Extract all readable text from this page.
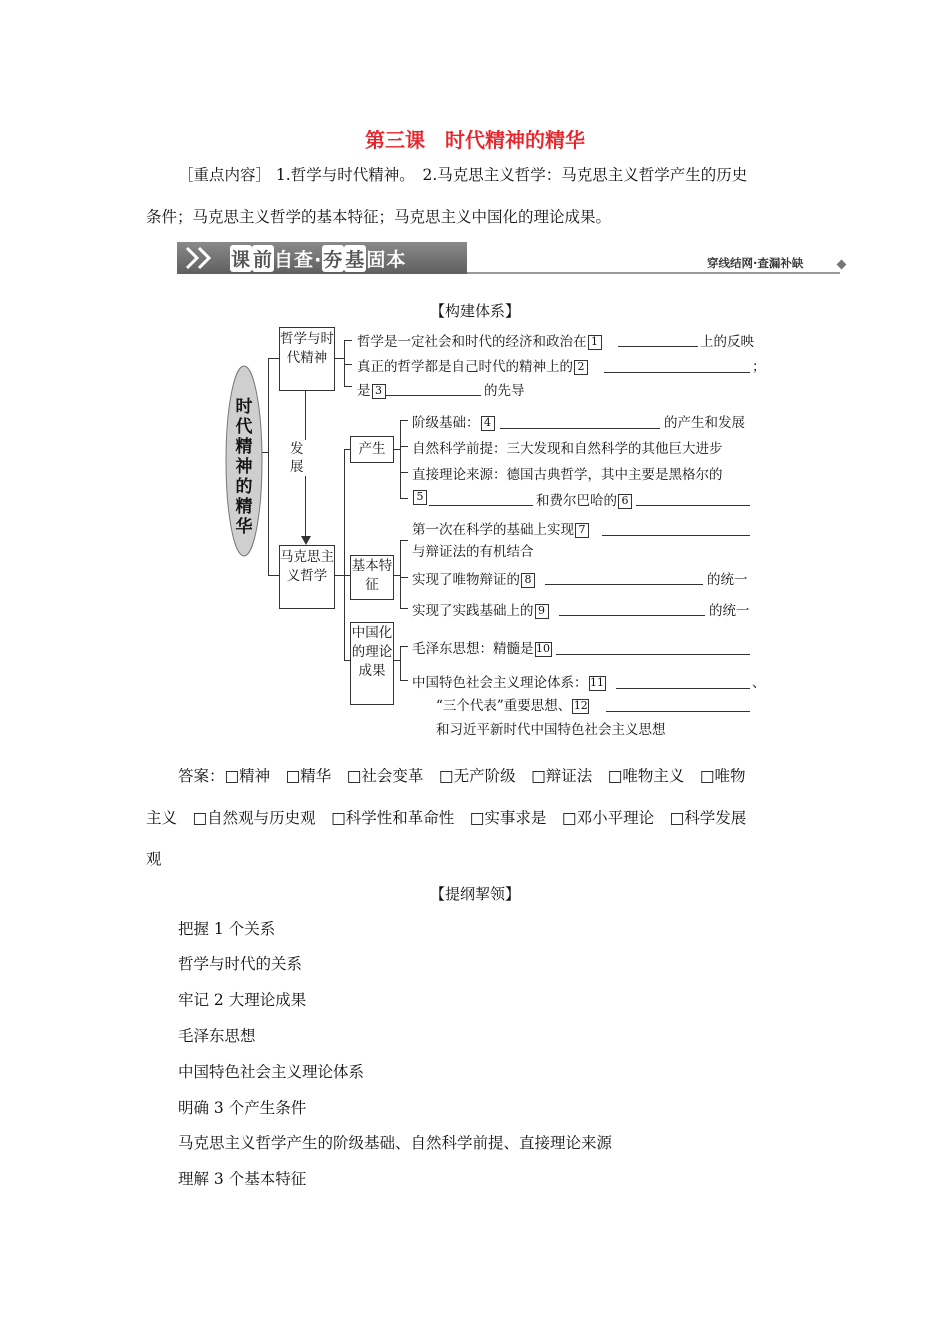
第三课　时代精神的精华
［重点内容］ 1.哲学与时代精神。　2.马克思主义哲学：马克思主义哲学产生的历史
条件；马克思主义哲学的基本特征；马克思主义中国化的理论成果。
课 前自查·夯 基固本	穿线结网·查漏补缺
【构建体系】
时代精神的精华
哲学与时代精神
马克思主义哲学
发展
哲学是一定社会和时代的经济和政治在 1	上的反映
真正的哲学都是自己时代的精神上的 2	；
是 3	的先导
产生
基本特征
中国化的理论成果
阶级基础： 4	的产生和发展
自然科学前提：三大发现和自然科学的其他巨大进步
直接理论来源：德国古典哲学，其中主要是黑格尔的
5	和费尔巴哈的 6
第一次在科学的基础上实现 7
与辩证法的有机结合
实现了唯物辩证的 8	的统一
实现了实践基础上的 9	的统一
毛泽东思想：精髓是 10
中国特色社会主义理论体系： 11	、
“三个代表”重要思想、 12
和习近平新时代中国特色社会主义思想
答案：□精神　□精华　□社会变革　□无产阶级　□辩证法　□唯物主义　□唯物
主义　□自然观与历史观　□科学性和革命性　□实事求是　□邓小平理论　□科学发展
观
【提纲挈领】
把握 1 个关系
哲学与时代的关系
牢记 2 大理论成果
毛泽东思想
中国特色社会主义理论体系
明确 3 个产生条件
马克思主义哲学产生的阶级基础、自然科学前提、直接理论来源
理解 3 个基本特征
